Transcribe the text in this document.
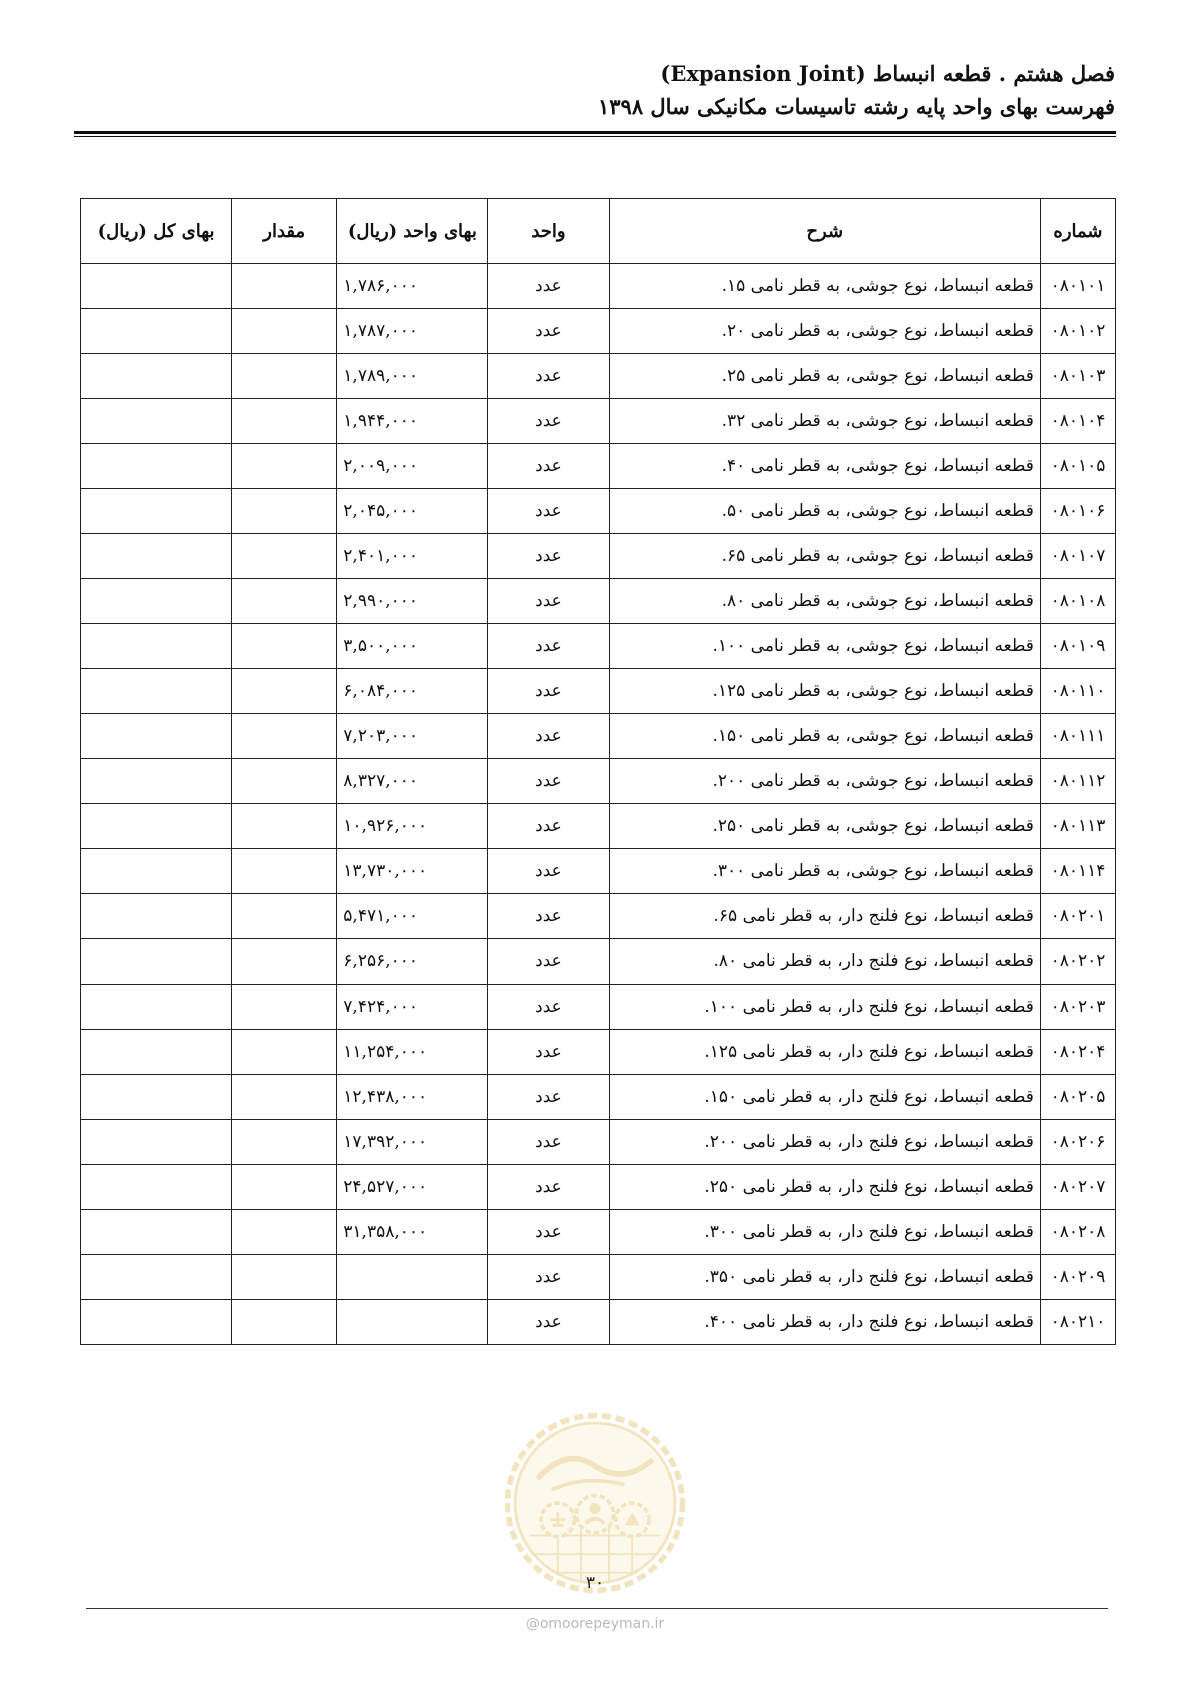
فصل هشتم . قطعه انبساط (Expansion Joint)
فهرست بهای واحد پایه رشته تاسیسات مکانیکی سال ۱۳۹۸
شماره	شرح	واحد	بهای واحد (ریال)	مقدار	بهای کل (ریال)
۰۸۰۱۰۱	قطعه انبساط، نوع جوشی، به قطر نامی ۱۵.	عدد	۱,۷۸۶,۰۰۰		
۰۸۰۱۰۲	قطعه انبساط، نوع جوشی، به قطر نامی ۲۰.	عدد	۱,۷۸۷,۰۰۰		
۰۸۰۱۰۳	قطعه انبساط، نوع جوشی، به قطر نامی ۲۵.	عدد	۱,۷۸۹,۰۰۰		
۰۸۰۱۰۴	قطعه انبساط، نوع جوشی، به قطر نامی ۳۲.	عدد	۱,۹۴۴,۰۰۰		
۰۸۰۱۰۵	قطعه انبساط، نوع جوشی، به قطر نامی ۴۰.	عدد	۲,۰۰۹,۰۰۰		
۰۸۰۱۰۶	قطعه انبساط، نوع جوشی، به قطر نامی ۵۰.	عدد	۲,۰۴۵,۰۰۰		
۰۸۰۱۰۷	قطعه انبساط، نوع جوشی، به قطر نامی ۶۵.	عدد	۲,۴۰۱,۰۰۰		
۰۸۰۱۰۸	قطعه انبساط، نوع جوشی، به قطر نامی ۸۰.	عدد	۲,۹۹۰,۰۰۰		
۰۸۰۱۰۹	قطعه انبساط، نوع جوشی، به قطر نامی ۱۰۰.	عدد	۳,۵۰۰,۰۰۰		
۰۸۰۱۱۰	قطعه انبساط، نوع جوشی، به قطر نامی ۱۲۵.	عدد	۶,۰۸۴,۰۰۰		
۰۸۰۱۱۱	قطعه انبساط، نوع جوشی، به قطر نامی ۱۵۰.	عدد	۷,۲۰۳,۰۰۰		
۰۸۰۱۱۲	قطعه انبساط، نوع جوشی، به قطر نامی ۲۰۰.	عدد	۸,۳۲۷,۰۰۰		
۰۸۰۱۱۳	قطعه انبساط، نوع جوشی، به قطر نامی ۲۵۰.	عدد	۱۰,۹۲۶,۰۰۰		
۰۸۰۱۱۴	قطعه انبساط، نوع جوشی، به قطر نامی ۳۰۰.	عدد	۱۳,۷۳۰,۰۰۰		
۰۸۰۲۰۱	قطعه انبساط، نوع فلنج دار، به قطر نامی ۶۵.	عدد	۵,۴۷۱,۰۰۰		
۰۸۰۲۰۲	قطعه انبساط، نوع فلنج دار، به قطر نامی ۸۰.	عدد	۶,۲۵۶,۰۰۰		
۰۸۰۲۰۳	قطعه انبساط، نوع فلنج دار، به قطر نامی ۱۰۰.	عدد	۷,۴۲۴,۰۰۰		
۰۸۰۲۰۴	قطعه انبساط، نوع فلنج دار، به قطر نامی ۱۲۵.	عدد	۱۱,۲۵۴,۰۰۰		
۰۸۰۲۰۵	قطعه انبساط، نوع فلنج دار، به قطر نامی ۱۵۰.	عدد	۱۲,۴۳۸,۰۰۰		
۰۸۰۲۰۶	قطعه انبساط، نوع فلنج دار، به قطر نامی ۲۰۰.	عدد	۱۷,۳۹۲,۰۰۰		
۰۸۰۲۰۷	قطعه انبساط، نوع فلنج دار، به قطر نامی ۲۵۰.	عدد	۲۴,۵۲۷,۰۰۰		
۰۸۰۲۰۸	قطعه انبساط، نوع فلنج دار، به قطر نامی ۳۰۰.	عدد	۳۱,۳۵۸,۰۰۰		
۰۸۰۲۰۹	قطعه انبساط، نوع فلنج دار، به قطر نامی ۳۵۰.	عدد			
۰۸۰۲۱۰	قطعه انبساط، نوع فلنج دار، به قطر نامی ۴۰۰.	عدد			
۳۰
@omoorepeyman.ir
